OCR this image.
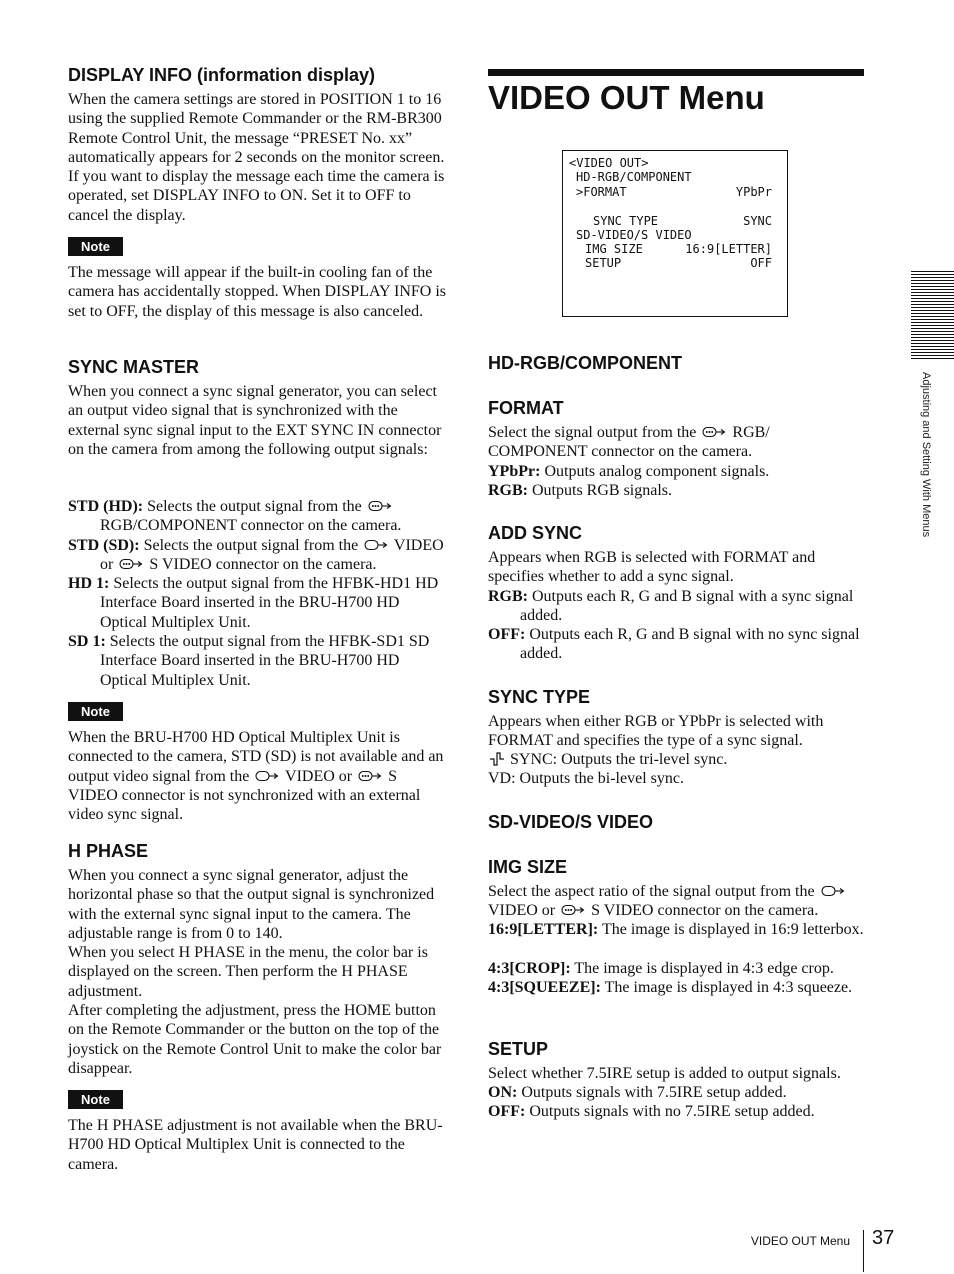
DISPLAY INFO (information display)

When the camera settings are stored in POSITION 1 to 16 using the supplied Remote Commander or the RM-BR300 Remote Control Unit, the message “PRESET No. xx” automatically appears for 2 seconds on the monitor screen. If you want to display the message each time the camera is operated, set DISPLAY INFO to ON. Set it to OFF to cancel the display.

Note

The message will appear if the built-in cooling fan of the camera has accidentally stopped. When DISPLAY INFO is set to OFF, the display of this message is also canceled.

SYNC MASTER

When you connect a sync signal generator, you can select an output video signal that is synchronized with the external sync signal input to the EXT SYNC IN connector on the camera from among the following output signals:

STD (HD): Selects the output signal from the  RGB/COMPONENT connector on the camera.

STD (SD): Selects the output signal from the VIDEO or S VIDEO connector on the camera.

HD 1: Selects the output signal from the HFBK-HD1 HD Interface Board inserted in the BRU-H700 HD Optical Multiplex Unit.

SD 1: Selects the output signal from the HFBK-SD1 SD Interface Board inserted in the BRU-H700 HD Optical Multiplex Unit.

Note

When the BRU-H700 HD Optical Multiplex Unit is connected to the camera, STD (SD) is not available and an output video signal from the VIDEO or S VIDEO connector is not synchronized with an external video sync signal.

H PHASE

When you connect a sync signal generator, adjust the horizontal phase so that the output signal is synchronized with the external sync signal input to the camera. The adjustable range is from 0 to 140.

When you select H PHASE in the menu, the color bar is displayed on the screen. Then perform the H PHASE adjustment.

After completing the adjustment, press the HOME button on the Remote Commander or the button on the top of the joystick on the Remote Control Unit to make the color bar disappear.

Note

The H PHASE adjustment is not available when the BRU-H700 HD Optical Multiplex Unit is connected to the camera.

VIDEO OUT Menu
<VIDEO OUT>
HD-RGB/COMPONENT
>FORMAT	YPbPr
SYNC TYPE	SYNC
SD-VIDEO/S VIDEO
IMG SIZE	16:9[LETTER]
SETUP	OFF
HD-RGB/COMPONENT
FORMAT

Select the signal output from the RGB/ COMPONENT connector on the camera.

YPbPr: Outputs analog component signals.

RGB: Outputs RGB signals.

ADD SYNC

Appears when RGB is selected with FORMAT and specifies whether to add a sync signal.

RGB: Outputs each R, G and B signal with a sync signal added.

OFF: Outputs each R, G and B signal with no sync signal added.

SYNC TYPE

Appears when either RGB or YPbPr is selected with FORMAT and specifies the type of a sync signal.

SYNC: Outputs the tri-level sync.

VD: Outputs the bi-level sync.

SD-VIDEO/S VIDEO
IMG SIZE

Select the aspect ratio of the signal output from the  VIDEO or S VIDEO connector on the camera.

16:9[LETTER]: The image is displayed in 16:9 letterbox.

4:3[CROP]: The image is displayed in 4:3 edge crop.

4:3[SQUEEZE]: The image is displayed in 4:3 squeeze.

SETUP

Select whether 7.5IRE setup is added to output signals.

ON: Outputs signals with 7.5IRE setup added.

OFF: Outputs signals with no 7.5IRE setup added.

Adjusting and Setting With Menus
VIDEO OUT Menu 37
